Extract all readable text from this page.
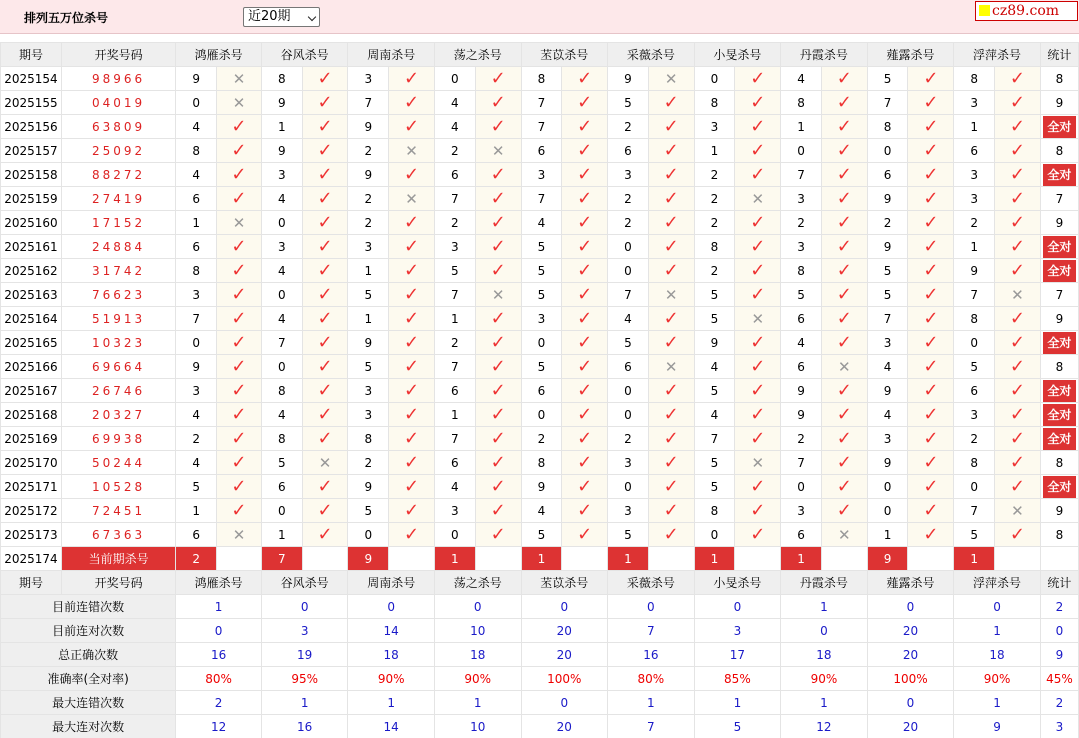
排列五万位杀号	近20期	cz89.com
期号	开奖号码	鸿雁杀号		谷风杀号		周南杀号		荡之杀号		苤苡杀号		采薇杀号		小旻杀号		丹霞杀号		薤露杀号		浮萍杀号		统计
2025154	98966	9	✕	8	✓	3	✓	0	✓	8	✓	9	✕	0	✓	4	✓	5	✓	8	✓	8
2025155	04019	0	✕	9	✓	7	✓	4	✓	7	✓	5	✓	8	✓	8	✓	7	✓	3	✓	9
2025156	63809	4	✓	1	✓	9	✓	4	✓	7	✓	2	✓	3	✓	1	✓	8	✓	1	✓	全对
2025157	25092	8	✓	9	✓	2	✕	2	✕	6	✓	6	✓	1	✓	0	✓	0	✓	6	✓	8
2025158	88272	4	✓	3	✓	9	✓	6	✓	3	✓	3	✓	2	✓	7	✓	6	✓	3	✓	全对
2025159	27419	6	✓	4	✓	2	✕	7	✓	7	✓	2	✓	2	✕	3	✓	9	✓	3	✓	7
2025160	17152	1	✕	0	✓	2	✓	2	✓	4	✓	2	✓	2	✓	2	✓	2	✓	2	✓	9
2025161	24884	6	✓	3	✓	3	✓	3	✓	5	✓	0	✓	8	✓	3	✓	9	✓	1	✓	全对
2025162	31742	8	✓	4	✓	1	✓	5	✓	5	✓	0	✓	2	✓	8	✓	5	✓	9	✓	全对
2025163	76623	3	✓	0	✓	5	✓	7	✕	5	✓	7	✕	5	✓	5	✓	5	✓	7	✕	7
2025164	51913	7	✓	4	✓	1	✓	1	✓	3	✓	4	✓	5	✕	6	✓	7	✓	8	✓	9
2025165	10323	0	✓	7	✓	9	✓	2	✓	0	✓	5	✓	9	✓	4	✓	3	✓	0	✓	全对
2025166	69664	9	✓	0	✓	5	✓	7	✓	5	✓	6	✕	4	✓	6	✕	4	✓	5	✓	8
2025167	26746	3	✓	8	✓	3	✓	6	✓	6	✓	0	✓	5	✓	9	✓	9	✓	6	✓	全对
2025168	20327	4	✓	4	✓	3	✓	1	✓	0	✓	0	✓	4	✓	9	✓	4	✓	3	✓	全对
2025169	69938	2	✓	8	✓	8	✓	7	✓	2	✓	2	✓	7	✓	2	✓	3	✓	2	✓	全对
2025170	50244	4	✓	5	✕	2	✓	6	✓	8	✓	3	✓	5	✕	7	✓	9	✓	8	✓	8
2025171	10528	5	✓	6	✓	9	✓	4	✓	9	✓	0	✓	5	✓	0	✓	0	✓	0	✓	全对
2025172	72451	1	✓	0	✓	5	✓	3	✓	4	✓	3	✓	8	✓	3	✓	0	✓	7	✕	9
2025173	67363	6	✕	1	✓	0	✓	0	✓	5	✓	5	✓	0	✓	6	✕	1	✓	5	✓	8
2025174	当前期杀号	2		7		9		1		1		1		1		1		9		1		
期号	开奖号码	鸿雁杀号		谷风杀号		周南杀号		荡之杀号		苤苡杀号		采薇杀号		小旻杀号		丹霞杀号		薤露杀号		浮萍杀号		统计
目前连错次数		1		0		0		0		0		0		0		1		0		0		2
目前连对次数		0		3		14		10		20		7		3		0		20		1		0
总正确次数		16		19		18		18		20		16		17		18		20		18		9
准确率(全对率)		80%		95%		90%		90%		100%		80%		85%		90%		100%		90%		45%
最大连错次数		2		1		1		1		0		1		1		1		0		1		2
最大连对次数		12		16		14		10		20		7		5		12		20		9		3
